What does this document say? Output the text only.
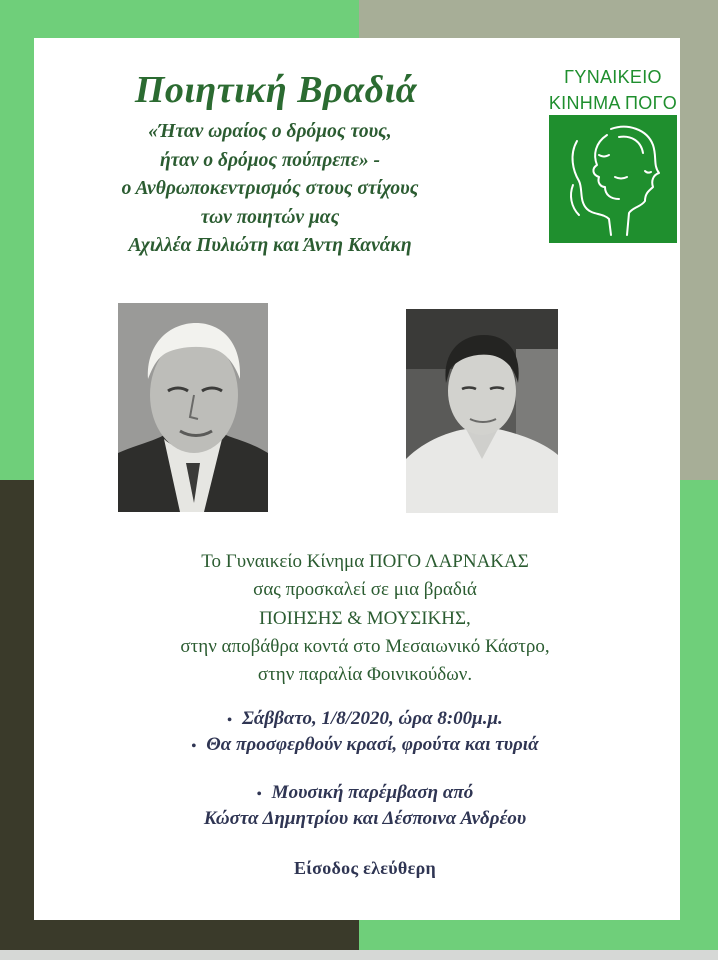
Ποιητική Βραδιά
«Ήταν ωραίος ο δρόμος τους,
ήταν ο δρόμος πούπρεπε» -
ο Ανθρωποκεντρισμός στους στίχους
των ποιητών μας
Αχιλλέα Πυλιώτη και Άντη Κανάκη
ΓΥΝΑΙΚΕΙΟ
ΚΙΝΗΜΑ ΠΟΓΟ
Το Γυναικείο Κίνημα ΠΟΓΟ ΛΑΡΝΑΚΑΣ
σας προσκαλεί σε μια βραδιά
ΠΟΙΗΣΗΣ & ΜΟΥΣΙΚΗΣ,
στην αποβάθρα κοντά στο Μεσαιωνικό Κάστρο,
στην παραλία Φοινικούδων.
• Σάββατο, 1/8/2020, ώρα 8:00μ.μ.
• Θα προσφερθούν κρασί, φρούτα και τυριά
• Μουσική παρέμβαση από
Κώστα Δημητρίου και Δέσποινα Ανδρέου
Είσοδος ελεύθερη
